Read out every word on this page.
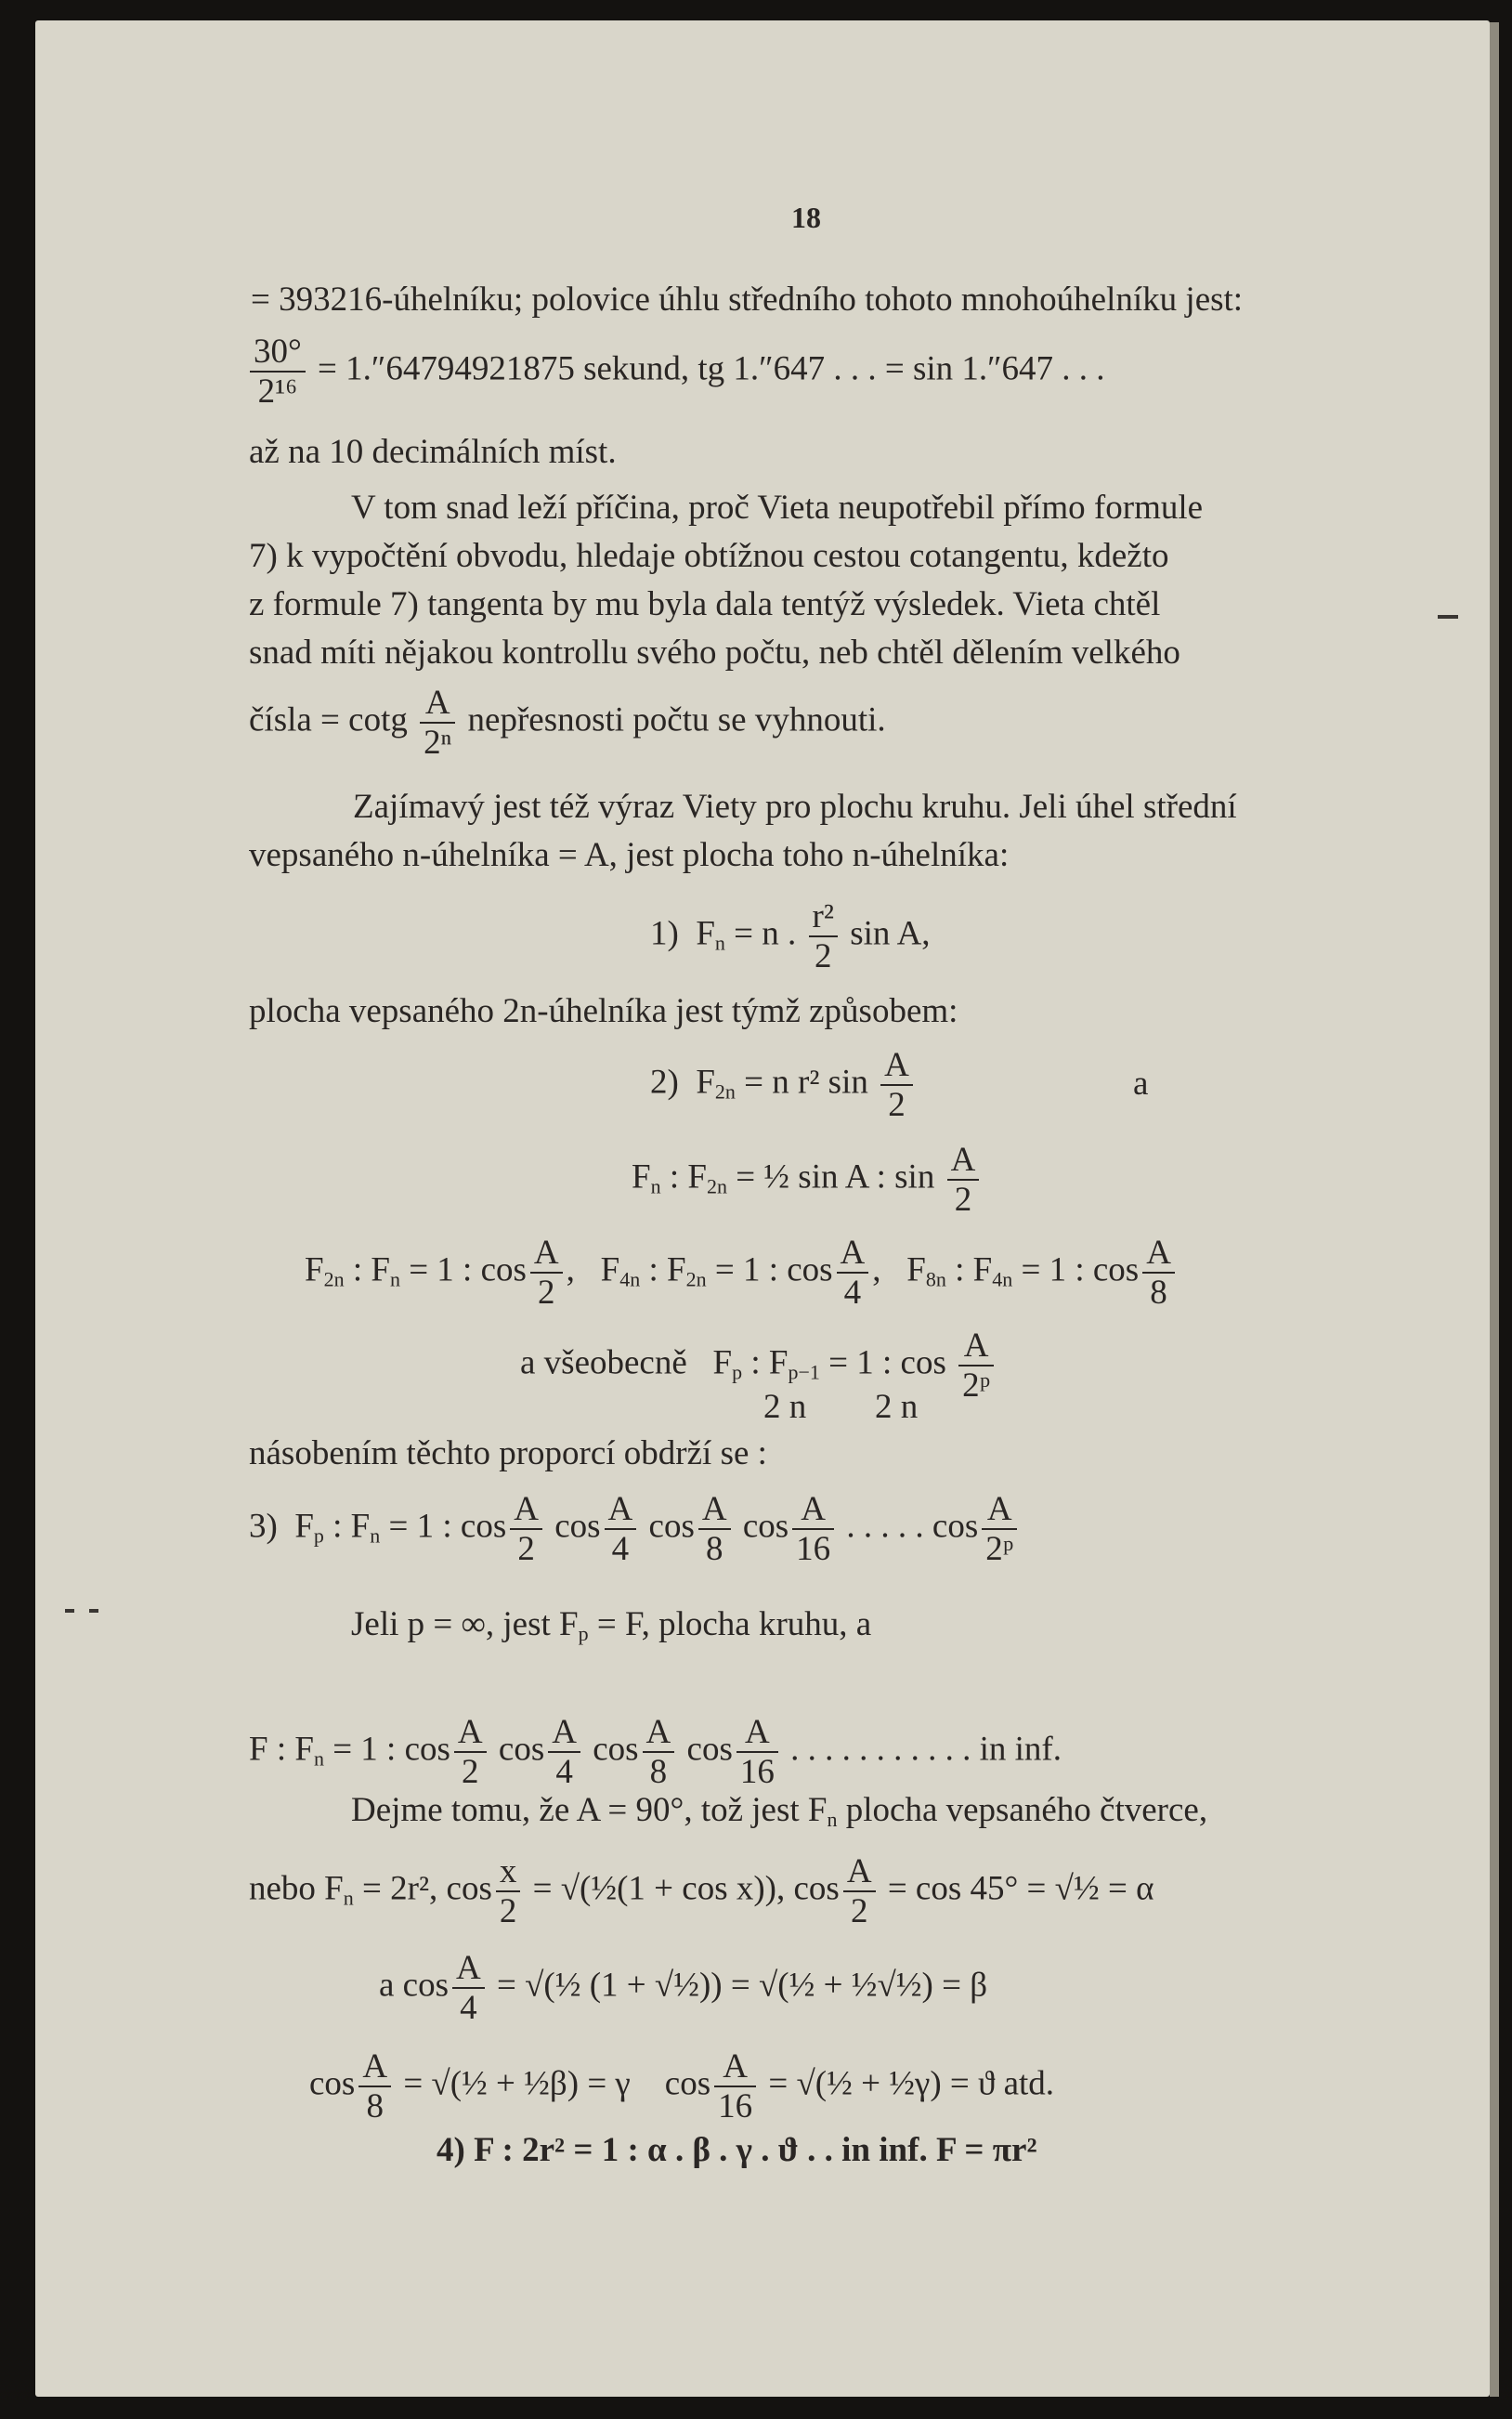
18
= 393216-úhelníku; polovice úhlu středního tohoto mnohoúhelníku jest:
$\frac{30^\circ}{\text{2¹⁶}} = 1.''64794921875$ sekund, tg 1.″647 . . . = sin 1.″647 . . .
až na 10 decimálních míst.
V tom snad leží příčina, proč Vieta neupotřebil přímo formule
7) k vypočtění obvodu, hledaje obtížnou cestou cotangentu, kdežto
z formule 7) tangenta by mu byla dala tentýž výsledek. Vieta chtěl
snad míti nějakou kontrollu svého počtu, neb chtěl dělením velkého
čísla = cotg $\frac{A}{\text{2ⁿ}}$ nepřesnosti počtu se vyhnouti.
Zajímavý jest též výraz Viety pro plochu kruhu. Jeli úhel střední
vepsaného n-úhelníka = A, jest plocha toho n-úhelníka:
1) $F_n = n$ . $\frac{\text{r²}}{2}$ sin A,
plocha vepsaného 2n-úhelníka jest týmž způsobem:
2) $F_{2n} = n$ r² $\sin \frac{A}{2}$	a
$F_n$ : $F_{2n}$ = ½ sin A : $\sin \frac{A}{2}$
$F_{2n}$ : $F_n = 1$ : $\cos \frac{A}{2}$ ,   $F_{4n}$ : $F_{2n} = 1$ : $\cos \frac{A}{4}$ ,   $F_{8n}$ : $F_{4n} = 1$ : $\cos \frac{A}{8}$
a všeobecně $F_p$ : $F_{p-1} = 1$ : $\cos \frac{A}{\text{2ᵖ}}$
2 n 2 n
násobením těchto proporcí obdrží se :
3) $F_p$ : $F_n = 1$ : $\cos \frac{A}{2}$ $\cos \frac{A}{4}$ $\cos \frac{A}{8}$ $\cos \frac{A}{16}$ . . . . . $\cos \frac{A}{\text{2ᵖ}}$
Jeli p = ∞, jest $F_p = F$, plocha kruhu, a
F : $F_n = 1$ : $\cos \frac{A}{2}$ $\cos \frac{A}{4}$ $\cos \frac{A}{8}$ $\cos \frac{A}{16}$ . . . . . . . . . . . in inf.
Dejme tomu, že A = 90°, tož jest $F_n$ plocha vepsaného čtverce,
nebo $F_n = 2r^2$, $\cos \frac{x}{2}$ = √(½(1 + cos x)), $\cos \frac{A}{2} = \cos 45^\circ$ = √½ = α
a $\cos \frac{A}{4}$ = √(½ (1 + √½)) = √(½ + ½√½) = β
$\cos \frac{A}{8}$ = √(½ + ½β) = γ $\cos \frac{A}{16}$ = √(½ + ½γ) = ϑ atd.
4) F : 2r² = 1 : α . β . γ . ϑ . . in inf. F = πr²
